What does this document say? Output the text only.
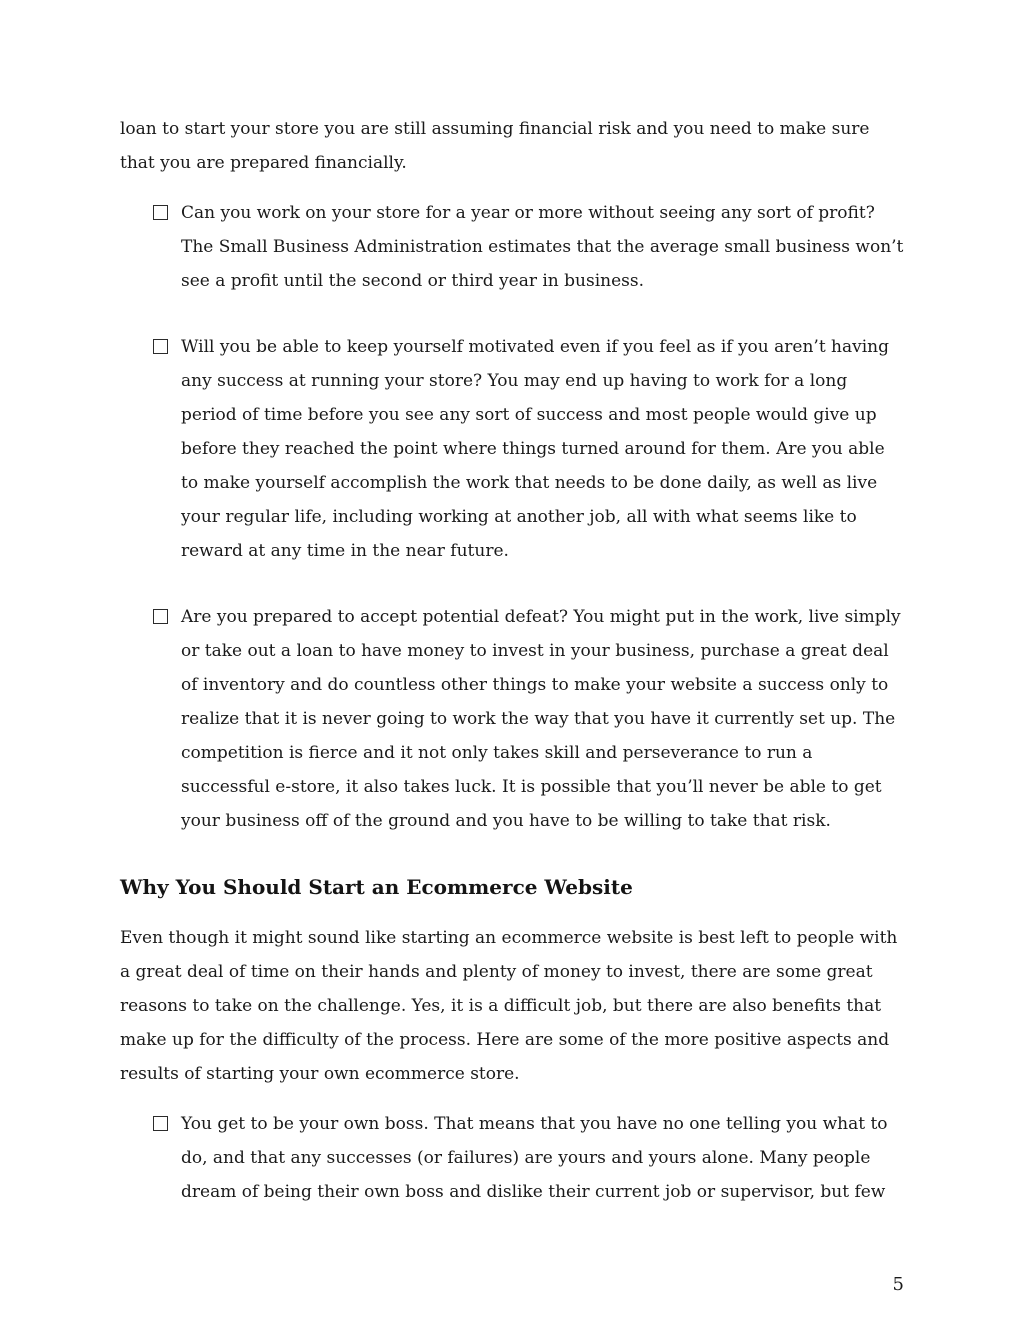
loan to start your store you are still assuming financial risk and you need to make sure that you are prepared financially.

Can you work on your store for a year or more without seeing any sort of profit? The Small Business Administration estimates that the average small business won’t see a profit until the second or third year in business.

Will you be able to keep yourself motivated even if you feel as if you aren’t having any success at running your store? You may end up having to work for a long period of time before you see any sort of success and most people would give up before they reached the point where things turned around for them. Are you able to make yourself accomplish the work that needs to be done daily, as well as live your regular life, including working at another job, all with what seems like to reward at any time in the near future.

Are you prepared to accept potential defeat? You might put in the work, live simply or take out a loan to have money to invest in your business, purchase a great deal of inventory and do countless other things to make your website a success only to realize that it is never going to work the way that you have it currently set up. The competition is fierce and it not only takes skill and perseverance to run a successful e-store, it also takes luck. It is possible that you’ll never be able to get your business off of the ground and you have to be willing to take that risk.

Why You Should Start an Ecommerce Website

Even though it might sound like starting an ecommerce website is best left to people with a great deal of time on their hands and plenty of money to invest, there are some great reasons to take on the challenge. Yes, it is a difficult job, but there are also benefits that make up for the difficulty of the process. Here are some of the more positive aspects and results of starting your own ecommerce store.

You get to be your own boss. That means that you have no one telling you what to do, and that any successes (or failures) are yours and yours alone. Many people dream of being their own boss and dislike their current job or supervisor, but few

5
